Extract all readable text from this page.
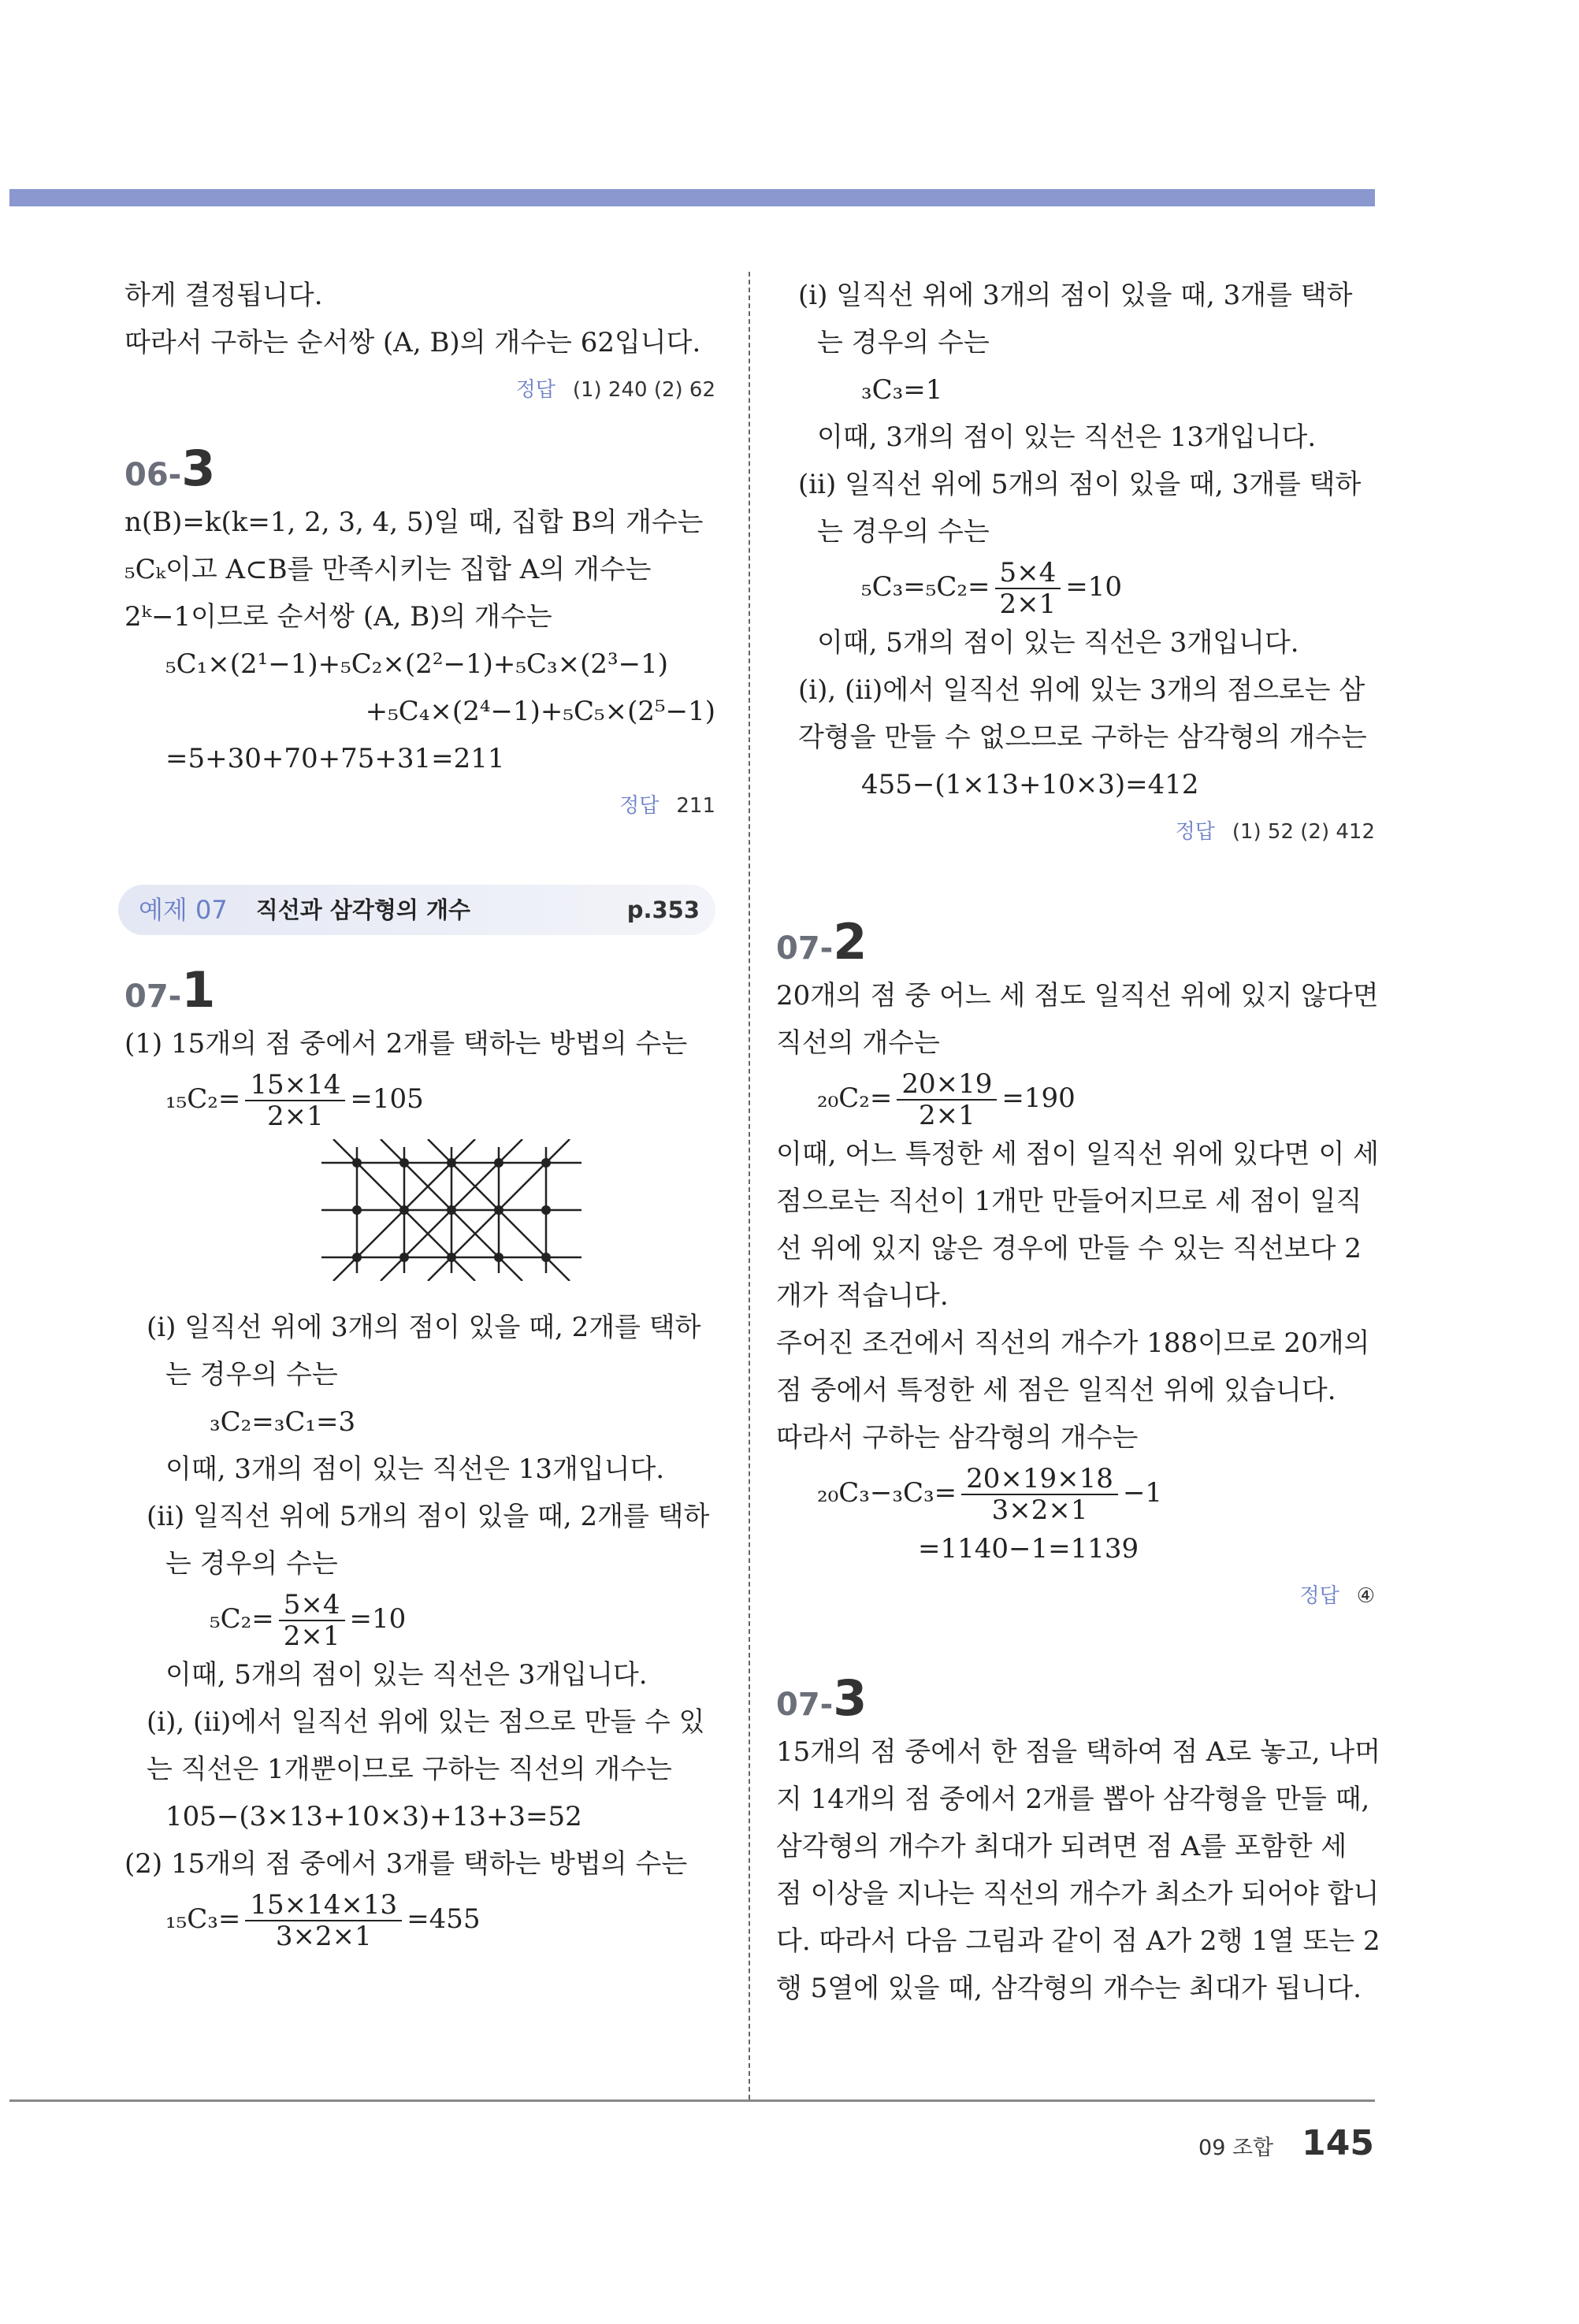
하게 결정됩니다.
따라서 구하는 순서쌍 (A, B)의 개수는 62입니다.
정답 (1) 240 (2) 62
06-3
n(B)=k(k=1, 2, 3, 4, 5)일 때, 집합 B의 개수는
₅Cₖ이고 A⊂B를 만족시키는 집합 A의 개수는
2ᵏ−1이므로 순서쌍 (A, B)의 개수는
₅C₁×(2¹−1)+₅C₂×(2²−1)+₅C₃×(2³−1)
+₅C₄×(2⁴−1)+₅C₅×(2⁵−1)
=5+30+70+75+31=211
정답 211
예제 07 직선과 삼각형의 개수	p.353
07-1
(1) 15개의 점 중에서 2개를 택하는 방법의 수는
$_{15}C_2= \frac{15\times 14}{2\times 1} =105$
(ⅰ) 일직선 위에 3개의 점이 있을 때, 2개를 택하
는 경우의 수는
₃C₂=₃C₁=3
이때, 3개의 점이 있는 직선은 13개입니다.
(ⅱ) 일직선 위에 5개의 점이 있을 때, 2개를 택하
는 경우의 수는
$_5C_2= \frac{5\times 4}{2\times 1} =10$
이때, 5개의 점이 있는 직선은 3개입니다.
(ⅰ), (ⅱ)에서 일직선 위에 있는 점으로 만들 수 있
는 직선은 1개뿐이므로 구하는 직선의 개수는
105−(3×13+10×3)+13+3=52
(2) 15개의 점 중에서 3개를 택하는 방법의 수는
$_{15}C_3= \frac{15\times 14\times 13}{3\times 2\times 1} =455$
(ⅰ) 일직선 위에 3개의 점이 있을 때, 3개를 택하
는 경우의 수는
₃C₃=1
이때, 3개의 점이 있는 직선은 13개입니다.
(ⅱ) 일직선 위에 5개의 점이 있을 때, 3개를 택하
는 경우의 수는
$_5C_3=_5C_2= \frac{5\times 4}{2\times 1} =10$
이때, 5개의 점이 있는 직선은 3개입니다.
(ⅰ), (ⅱ)에서 일직선 위에 있는 3개의 점으로는 삼
각형을 만들 수 없으므로 구하는 삼각형의 개수는
455−(1×13+10×3)=412
정답 (1) 52 (2) 412
07-2
20개의 점 중 어느 세 점도 일직선 위에 있지 않다면
직선의 개수는
$_{20}C_2= \frac{20\times 19}{2\times 1} =190$
이때, 어느 특정한 세 점이 일직선 위에 있다면 이 세
점으로는 직선이 1개만 만들어지므로 세 점이 일직
선 위에 있지 않은 경우에 만들 수 있는 직선보다 2
개가 적습니다.
주어진 조건에서 직선의 개수가 188이므로 20개의
점 중에서 특정한 세 점은 일직선 위에 있습니다.
따라서 구하는 삼각형의 개수는
$_{20}C_3-_3C_3= \frac{20\times 19\times 18}{3\times 2\times 1} -1$
=1140−1=1139
정답 ④
07-3
15개의 점 중에서 한 점을 택하여 점 A로 놓고, 나머
지 14개의 점 중에서 2개를 뽑아 삼각형을 만들 때,
삼각형의 개수가 최대가 되려면 점 A를 포함한 세
점 이상을 지나는 직선의 개수가 최소가 되어야 합니
다. 따라서 다음 그림과 같이 점 A가 2행 1열 또는 2
행 5열에 있을 때, 삼각형의 개수는 최대가 됩니다.
09 조합 145
